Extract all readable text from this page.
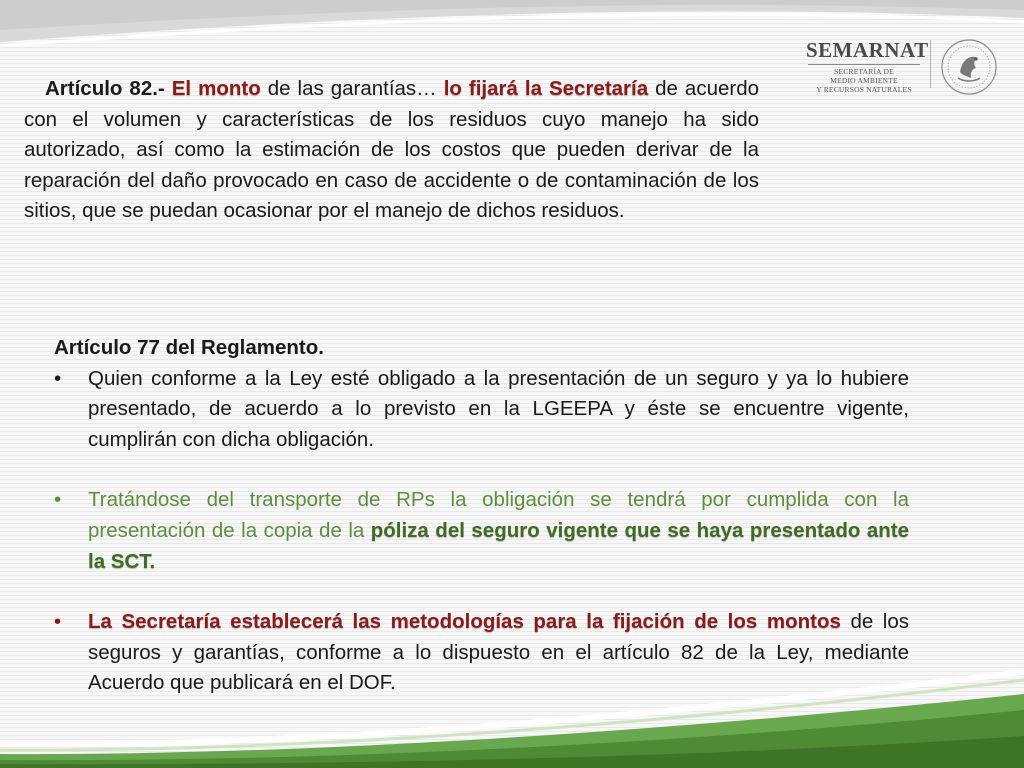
SEMARNAT
SECRETARÍA DE
MEDIO AMBIENTE
Y RECURSOS NATURALES
Artículo 82.- El monto de las garantías… lo fijará la Secretaría de acuerdo con el volumen y características de los residuos cuyo manejo ha sido autorizado, así como la estimación de los costos que pueden derivar de la reparación del daño provocado en caso de accidente o de contaminación de los sitios, que se puedan ocasionar por el manejo de dichos residuos.
Artículo 77 del Reglamento.
•	Quien conforme a la Ley esté obligado a la presentación de un seguro y ya lo hubiere presentado, de acuerdo a lo previsto en la LGEEPA y éste se encuentre vigente, cumplirán con dicha obligación.
•	Tratándose del transporte de RPs la obligación se tendrá por cumplida con la presentación de la copia de la póliza del seguro vigente que se haya presentado ante la SCT.
•	La Secretaría establecerá las metodologías para la fijación de los montos de los seguros y garantías, conforme a lo dispuesto en el artículo 82 de la Ley, mediante Acuerdo que publicará en el DOF.
